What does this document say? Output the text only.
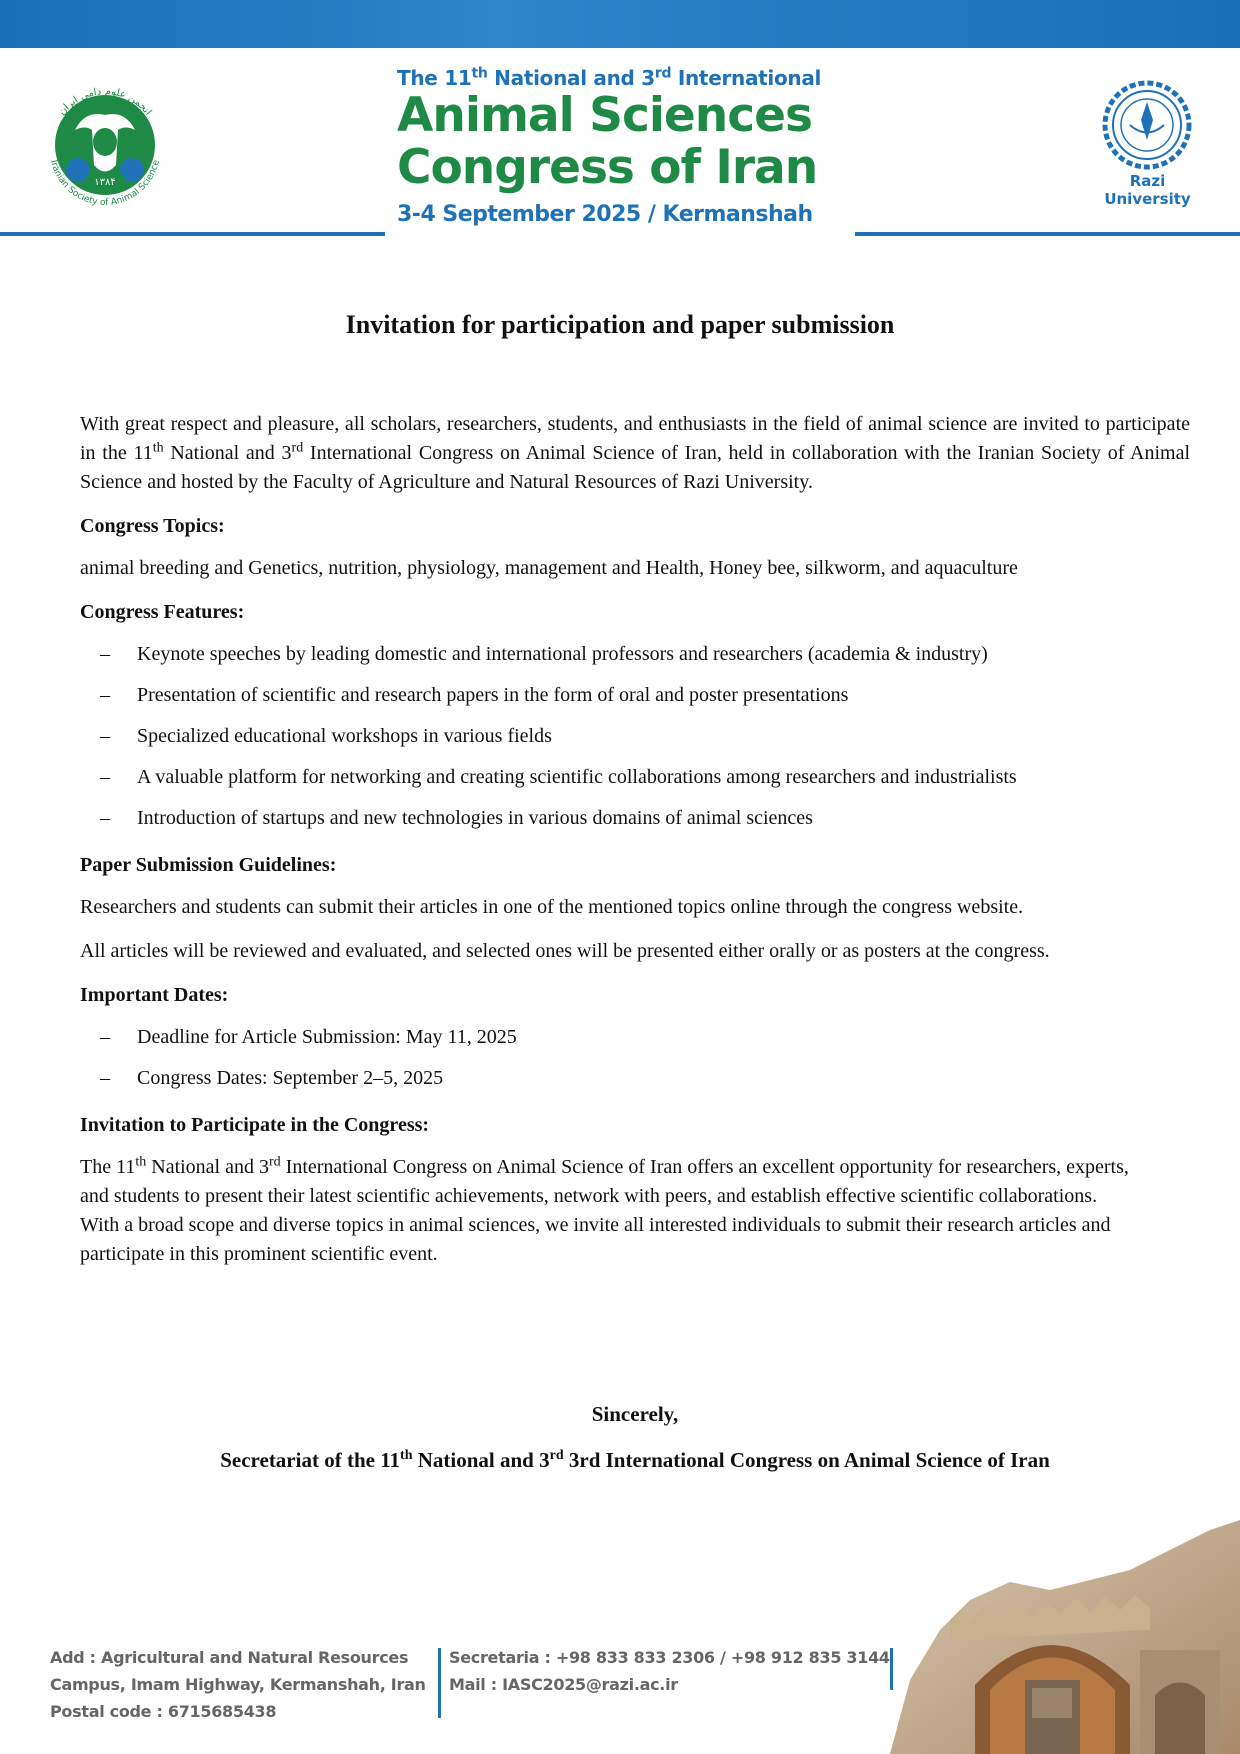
۱۳۸۴
Iranian Society of Animal Science
انجمن علوم دامی ایران
The 11th National and 3rd International
Animal Sciences
Congress of Iran
3-4 September 2025 / Kermanshah
Razi
University
Invitation for participation and paper submission

With great respect and pleasure, all scholars, researchers, students, and enthusiasts in the field of animal science are invited to participate in the 11th National and 3rd International Congress on Animal Science of Iran, held in collaboration with the Iranian Society of Animal Science and hosted by the Faculty of Agriculture and Natural Resources of Razi University.

Congress Topics:

animal breeding and Genetics, nutrition, physiology, management and Health, Honey bee, silkworm, and aquaculture

Congress Features:
– Keynote speeches by leading domestic and international professors and researchers (academia & industry)
– Presentation of scientific and research papers in the form of oral and poster presentations
– Specialized educational workshops in various fields
– A valuable platform for networking and creating scientific collaborations among researchers and industrialists
– Introduction of startups and new technologies in various domains of animal sciences
Paper Submission Guidelines:

Researchers and students can submit their articles in one of the mentioned topics online through the congress website.

All articles will be reviewed and evaluated, and selected ones will be presented either orally or as posters at the congress.

Important Dates:
– Deadline for Article Submission: May 11, 2025
– Congress Dates: September 2–5, 2025
Invitation to Participate in the Congress:

The 11th National and 3rd International Congress on Animal Science of Iran offers an excellent opportunity for researchers, experts, and students to present their latest scientific achievements, network with peers, and establish effective scientific collaborations. With a broad scope and diverse topics in animal sciences, we invite all interested individuals to submit their research articles and participate in this prominent scientific event.

Sincerely,
Secretariat of the 11th National and 3rd 3rd International Congress on Animal Science of Iran
Add : Agricultural and Natural Resources
Campus, Imam Highway, Kermanshah, Iran
Postal code : 6715685438
Secretaria : +98 833 833 2306 / +98 912 835 3144
Mail : IASC2025@razi.ac.ir
